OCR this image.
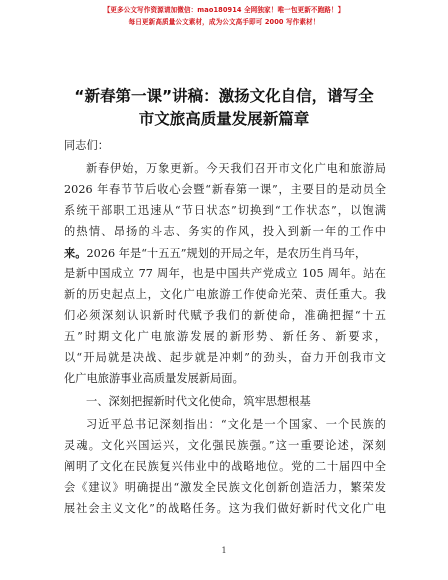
【更多公文写作资源请加微信：mao180914 全网独家！唯一包更新不跑路！】
每日更新高质量公文素材，成为公文高手即可 2000 写作素材！
“新春第一课”讲稿：激扬文化自信，谱写全
市文旅高质量发展新篇章
同志们：
新春伊始，万象更新。今天我们召开市文化广电和旅游局
2026 年春节节后收心会暨“新春第一课”，主要目的是动员全
系统干部职工迅速从“节日状态”切换到“工作状态”，以饱满
的热情、昂扬的斗志、务实的作风，投入到新一年的工作中
来。2026 年是“十五五”规划的开局之年，是农历生肖马年，
是新中国成立 77 周年，也是中国共产党成立 105 周年。站在
新的历史起点上，文化广电旅游工作使命光荣、责任重大。我
们必须深刻认识新时代赋予我们的新使命，准确把握“十五
五”时期文化广电旅游发展的新形势、新任务、新要求，
以“开局就是决战、起步就是冲刺”的劲头，奋力开创我市文
化广电旅游事业高质量发展新局面。
一、深刻把握新时代文化使命，筑牢思想根基
习近平总书记深刻指出：“文化是一个国家、一个民族的
灵魂。文化兴国运兴，文化强民族强。”这一重要论述，深刻
阐明了文化在民族复兴伟业中的战略地位。党的二十届四中全
会《建议》明确提出“激发全民族文化创新创造活力，繁荣发
展社会主义文化”的战略任务。这为我们做好新时代文化广电
1
